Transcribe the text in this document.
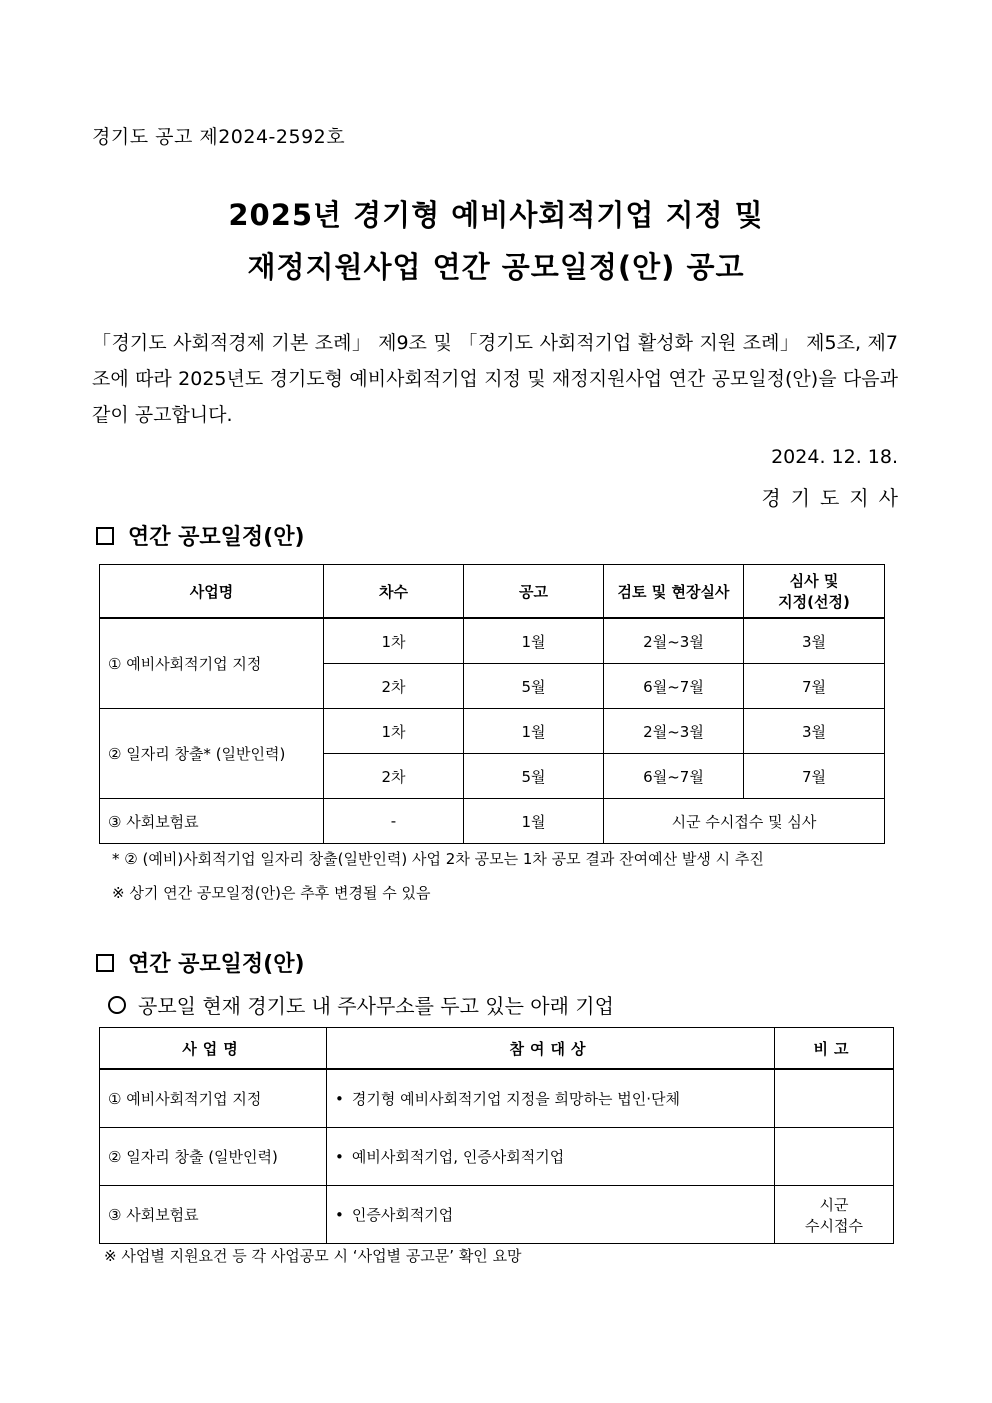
경기도 공고 제2024-2592호
2025년 경기형 예비사회적기업 지정 및
재정지원사업 연간 공모일정(안) 공고
「경기도 사회적경제 기본 조례」 제9조 및 「경기도 사회적기업 활성화 지원 조례」 제5조, 제7조에 따라 2025년도 경기도형 예비사회적기업 지정 및 재정지원사업 연간 공모일정(안)을 다음과 같이 공고합니다.
2024. 12. 18.
경기도지사
연간 공모일정(안)
사업명	차수	공고	검토 및 현장실사	심사 및
지정(선정)

① 예비사회적기업 지정	1차	1월	2월~3월	3월
	2차	5월	6월~7월	7월
② 일자리 창출* (일반인력)	1차	1월	2월~3월	3월
	2차	5월	6월~7월	7월
③ 사회보험료	-	1월	시군 수시접수 및 심사	
* ② (예비)사회적기업 일자리 창출(일반인력) 사업 2차 공모는 1차 공모 결과 잔여예산 발생 시 추진
※ 상기 연간 공모일정(안)은 추후 변경될 수 있음
연간 공모일정(안)
공모일 현재 경기도 내 주사무소를 두고 있는 아래 기업
사업명	참여대상	비고
① 예비사회적기업 지정	• 경기형 예비사회적기업 지정을 희망하는 법인·단체	

② 일자리 창출 (일반인력)	• 예비사회적기업, 인증사회적기업	

③ 사회보험료	• 인증사회적기업	시군
수시접수
※ 사업별 지원요건 등 각 사업공모 시 ‘사업별 공고문’ 확인 요망
